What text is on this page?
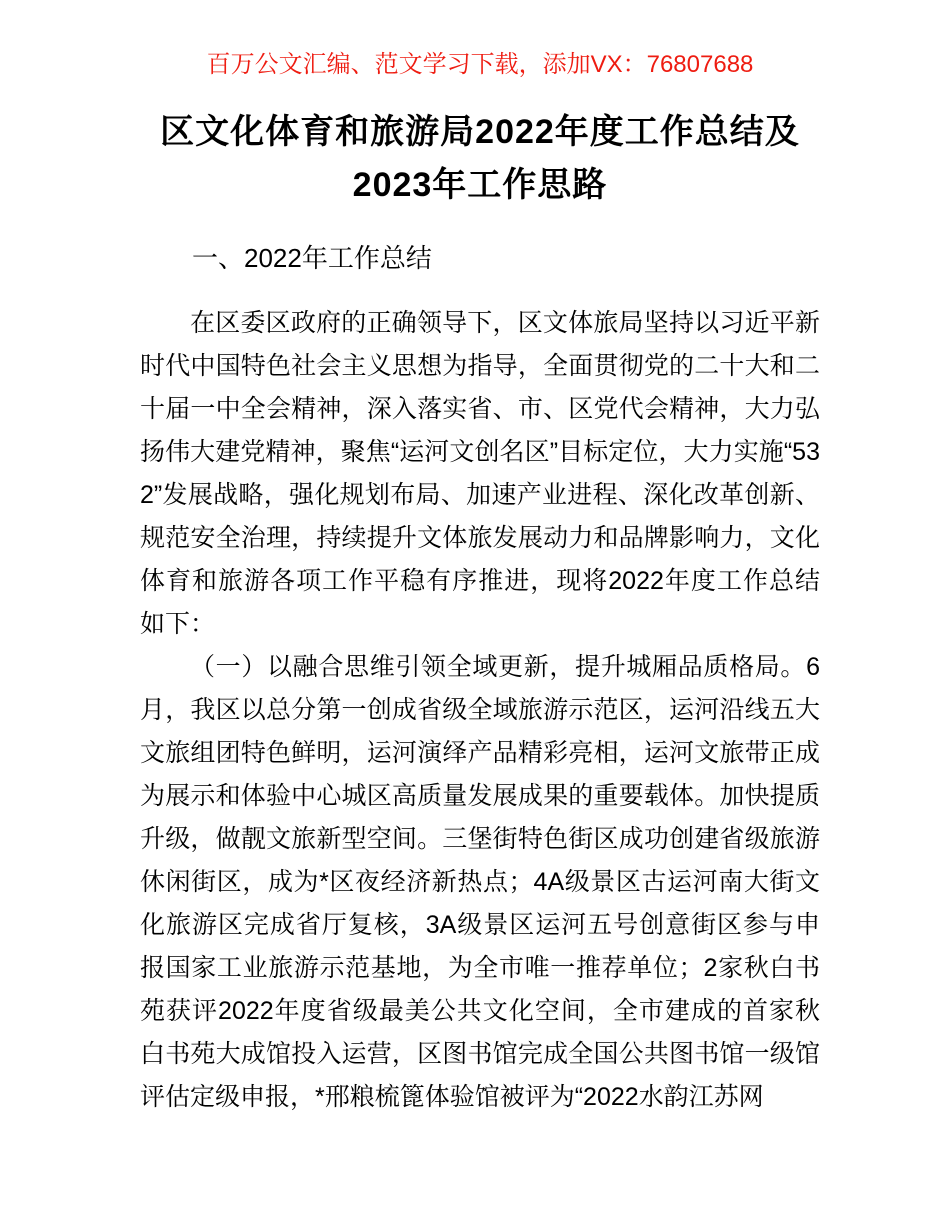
百万公文汇编、范文学习下载，添加VX：76807688
区文化体育和旅游局2022年度工作总结及
2023年工作思路
一、2022年工作总结

在区委区政府的正确领导下，区文体旅局坚持以习近平新时代中国特色社会主义思想为指导，全面贯彻党的二十大和二十届一中全会精神，深入落实省、市、区党代会精神，大力弘扬伟大建党精神，聚焦“运河文创名区”目标定位，大力实施“532”发展战略，强化规划布局、加速产业进程、深化改革创新、规范安全治理，持续提升文体旅发展动力和品牌影响力，文化体育和旅游各项工作平稳有序推进，现将2022年度工作总结如下：

（一）以融合思维引领全域更新，提升城厢品质格局。6月，我区以总分第一创成省级全域旅游示范区，运河沿线五大文旅组团特色鲜明，运河演绎产品精彩亮相，运河文旅带正成为展示和体验中心城区高质量发展成果的重要载体。加快提质升级，做靓文旅新型空间。三堡街特色街区成功创建省级旅游休闲街区，成为*区夜经济新热点；4A级景区古运河南大街文化旅游区完成省厅复核，3A级景区运河五号创意街区参与申报国家工业旅游示范基地，为全市唯一推荐单位；2家秋白书苑获评2022年度省级最美公共文化空间，全市建成的首家秋白书苑大成馆投入运营，区图书馆完成全国公共图书馆一级馆评估定级申报，*邢粮梳篦体验馆被评为“2022水韵江苏网
